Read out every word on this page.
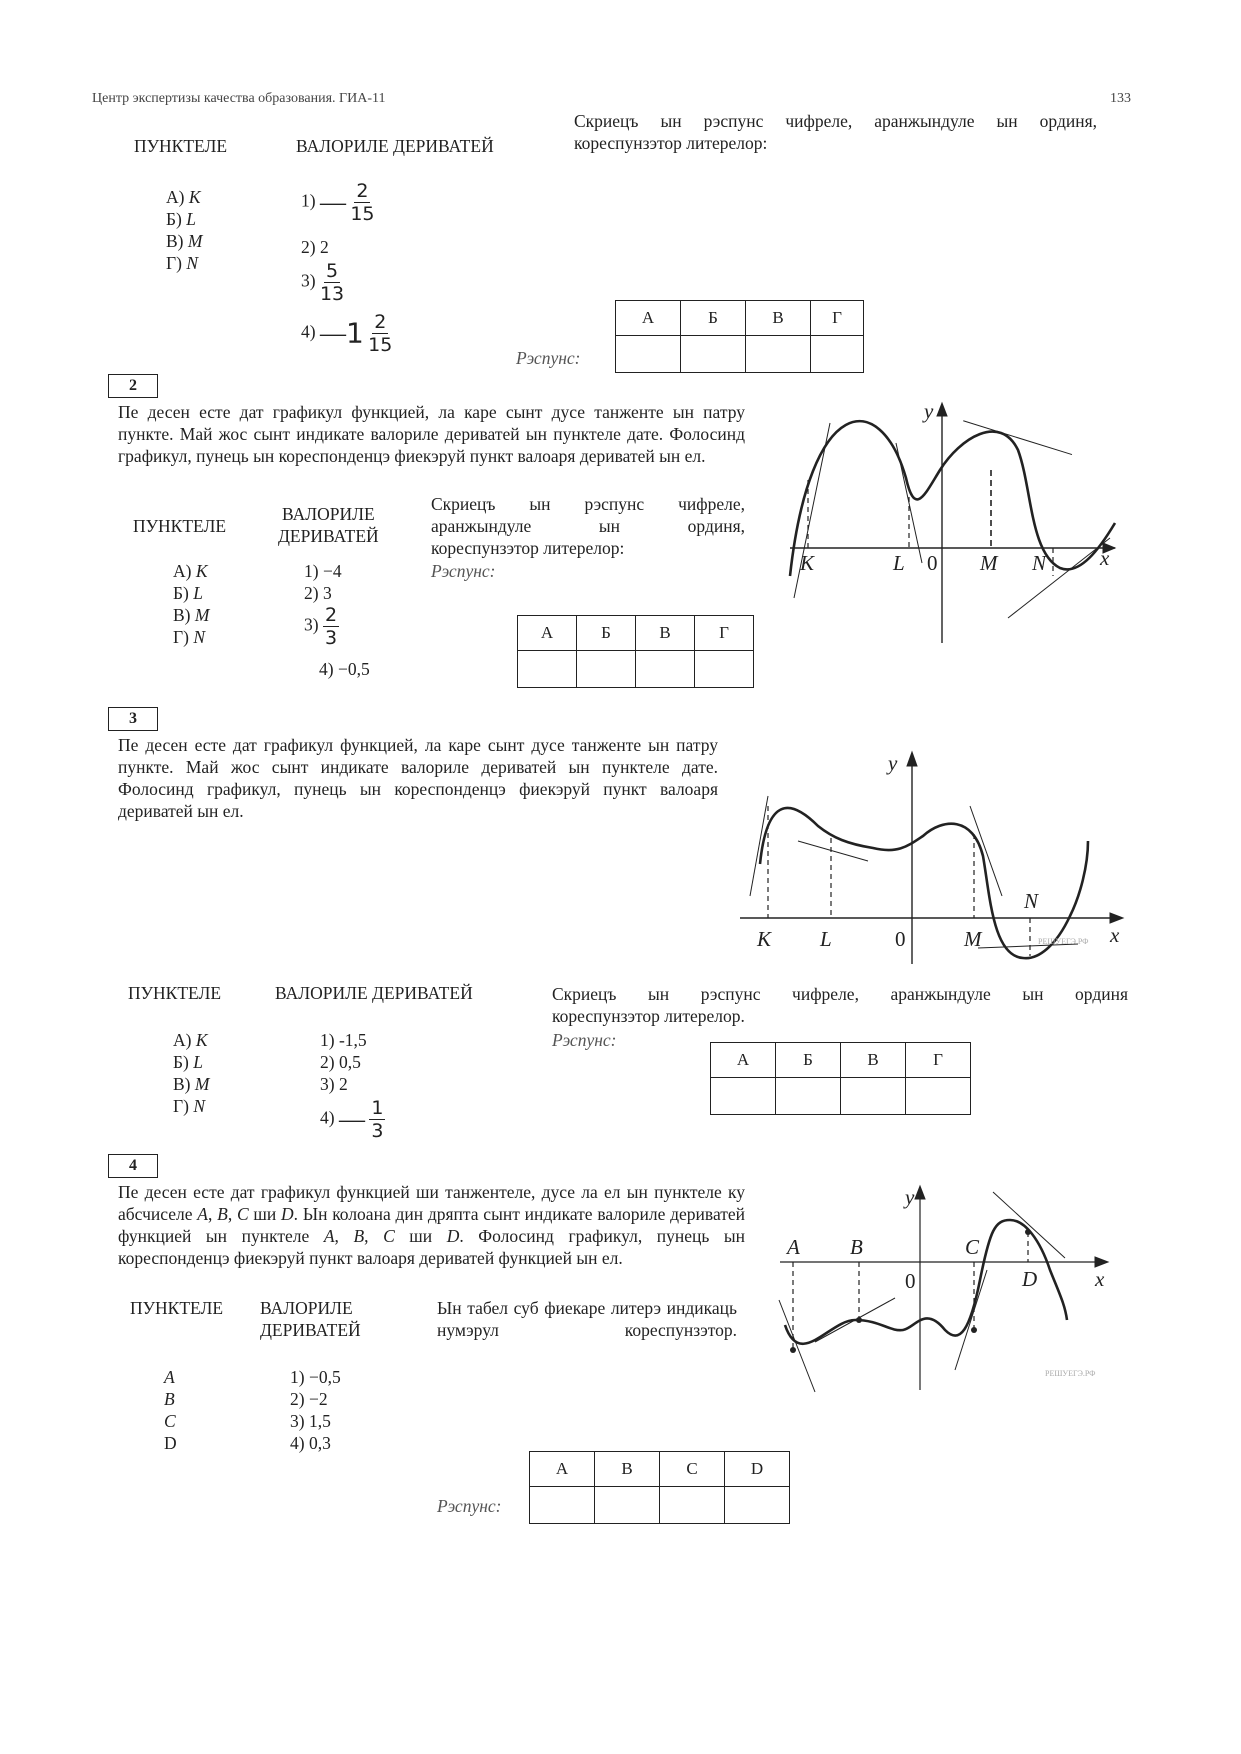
Центр экспертизы качества образования. ГИА-11	133
ПУНКТЕЛЕ	ВАЛОРИЛЕ ДЕРИВАТЕЙ
Скриецъ ын рэспунс чифреле, аранжындуле ын ординя,
кореспунзэтор литерелор:
А) K
Б) L
В) M
Г) N
1) — $\frac{2}{15}$
2) 2
$3) \frac{5}{13}$
4) —1 $\frac{2}{15}$
Рэспунс:
А	Б	В	Г

2
Пе десен есте дат графикул функцией, ла каре сынт дусе танженте ын патру пункте. Май жос сынт индикате валориле дериватей ын пунктеле дате. Фолосинд графикул, пунець ын кореспонденцэ фиекэруй пункт валоаря дериватей ын ел.
ПУНКТЕЛЕ
ВАЛОРИЛЕ
ДЕРИВАТЕЙ
Скриецъ ын рэспунс чифреле,
аранжындуле ын ординя,
кореспунзэтор литерелор:
Рэспунс:
А) K
Б) L
В) M
Г) N
1) −4
2) 3
$3) \frac{2}{3}$
4) −0,5
А	Б	В	Г

y
x
K	L 0 M N
3
Пе десен есте дат графикул функцией, ла каре сынт дусе танженте ын патру пункте. Май жос сынт индикате валориле дериватей ын пунктеле дате. Фолосинд графикул, пунець ын кореспонденцэ фиекэруй пункт валоаря дериватей ын ел.
y
x
K L	0	M
N
РЕШУЕГЭ.РФ
ПУНКТЕЛЕ	ВАЛОРИЛЕ ДЕРИВАТЕЙ	Скриецъ ын рэспунс чифреле, аранжындуле ын ординя
кореспунзэтор литерелор.
Рэспунс:
А) K
Б) L
В) M
Г) N
1) -1,5
2) 0,5
3) 2
4) — $\frac{1}{3}$
А	Б	В	Г

4
Пе десен есте дат графикул функцией ши танжентеле, дусе ла ел ын пунктеле ку абсчиселе A, B, C ши D. Ын колоана дин дряпта сынт индикате валориле дериватей функцией ын пунктеле A, B, C ши D. Фолосинд графикул, пунець ын кореспонденцэ фиекэруй пункт валоаря дериватей функцией ын ел.
ПУНКТЕЛЕ ВАЛОРИЛЕ
ДЕРИВАТЕЙ
Ын табел суб фиекаре литерэ индикаць нумэрул кореспунзэтор.
A
B
C
D
1) −0,5
2) −2
3) 1,5
4) 0,3
y
x
A B
0
C
D
РЕШУЕГЭ.РФ
Рэспунс:
A	B	C	D
